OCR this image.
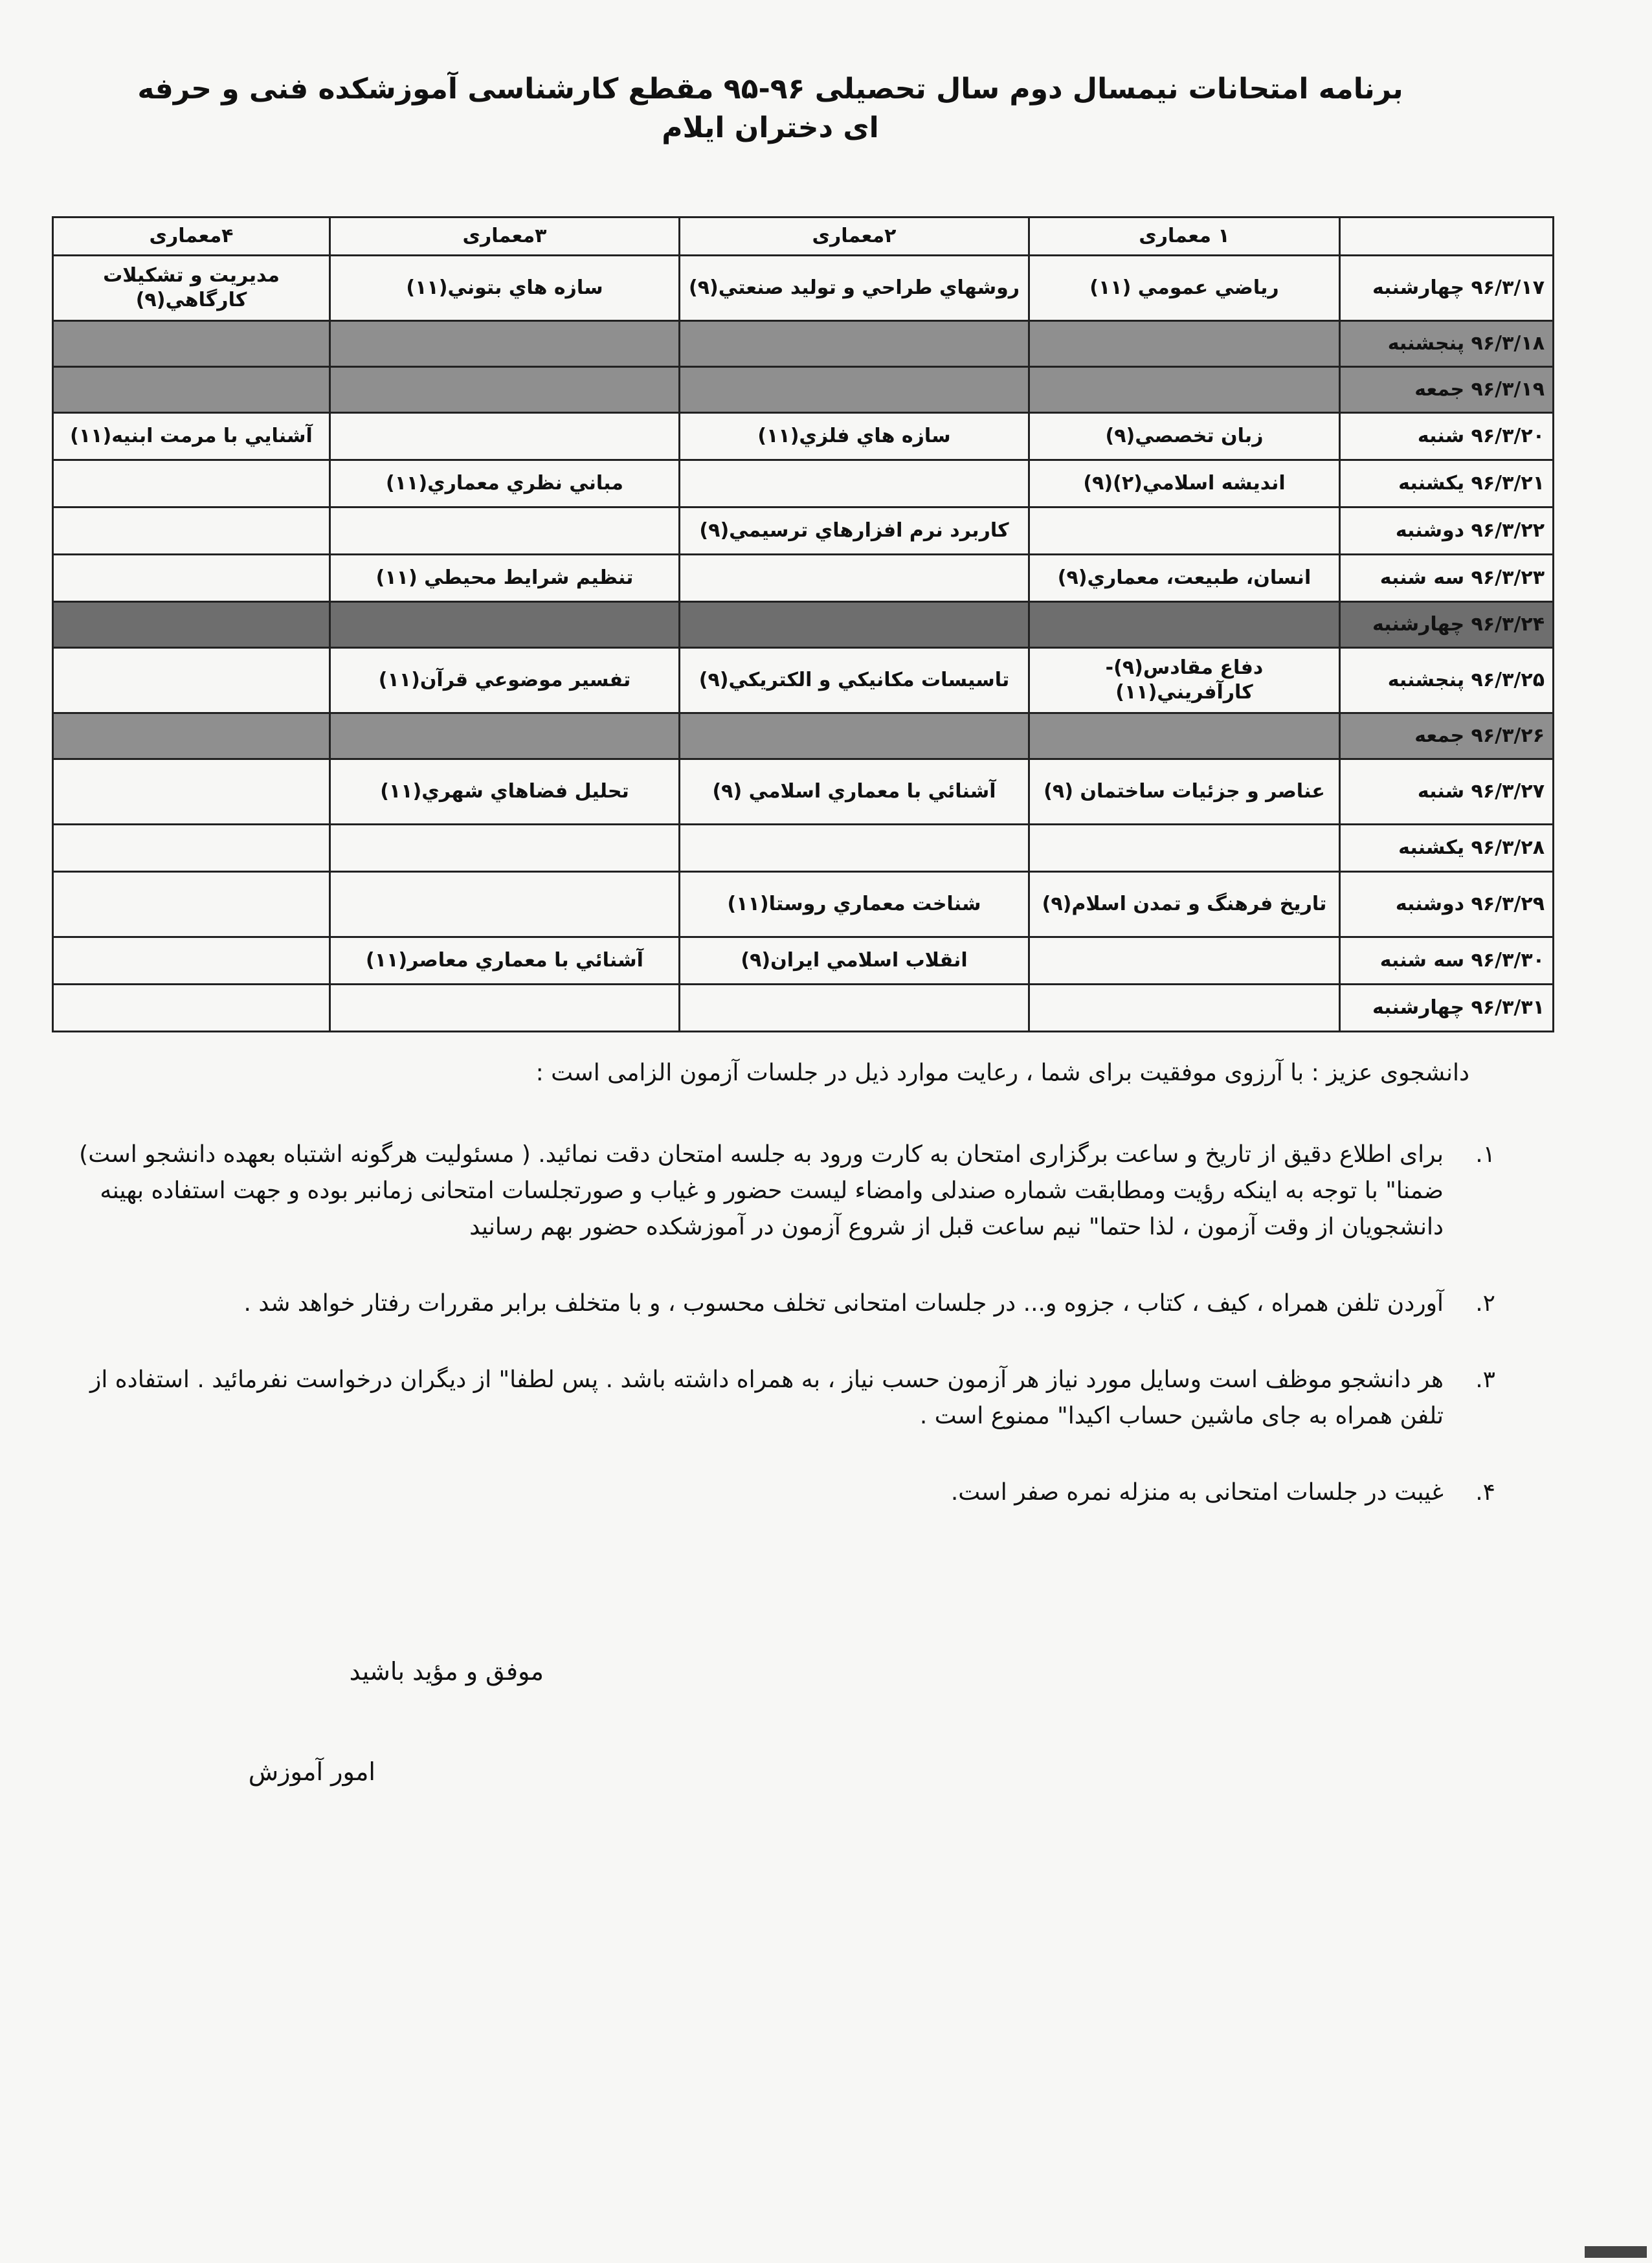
برنامه امتحانات نیمسال دوم سال تحصیلی ۹۶-۹۵ مقطع کارشناسی آموزشکده فنی و حرفه ای دختران ایلام
	۱ معماری	۲معماری	۳معماری	۴معماری
۹۶/۳/۱۷ چهارشنبه	رياضي عمومي (۱۱)	روشهاي طراحي و توليد صنعتي(۹)	سازه هاي بتوني(۱۱)	مديريت و تشكيلات كارگاهي(۹)
۹۶/۳/۱۸ پنجشنبه				
۹۶/۳/۱۹ جمعه				
۹۶/۳/۲۰ شنبه	زبان تخصصي(۹)	سازه هاي فلزي(۱۱)		آشنايي با مرمت ابنيه(۱۱)
۹۶/۳/۲۱ يكشنبه	انديشه اسلامي(۲)(۹)		مباني نظري معماري(۱۱)	
۹۶/۳/۲۲ دوشنبه		كاربرد نرم افزارهاي ترسيمي(۹)		
۹۶/۳/۲۳ سه شنبه	انسان، طبيعت، معماري(۹)		تنظيم شرايط محيطي (۱۱)	
۹۶/۳/۲۴ چهارشنبه				
۹۶/۳/۲۵ پنجشنبه	دفاع مقادس(۹)- كارآفريني(۱۱)	تاسيسات مكانيكي و الكتريكي(۹)	تفسير موضوعي قرآن(۱۱)	
۹۶/۳/۲۶ جمعه				
۹۶/۳/۲۷ شنبه	عناصر و جزئيات ساختمان (۹)	آشنائي با معماري اسلامي (۹)	تحليل فضاهاي شهري(۱۱)	
۹۶/۳/۲۸ يكشنبه				
۹۶/۳/۲۹ دوشنبه	تاريخ فرهنگ و تمدن اسلام(۹)	شناخت معماري روستا(۱۱)		
۹۶/۳/۳۰ سه شنبه		انقلاب اسلامي ايران(۹)	آشنائي با معماري معاصر(۱۱)	
۹۶/۳/۳۱ چهارشنبه				

دانشجوی عزیز : با آرزوی موفقیت برای شما ، رعایت موارد ذیل در جلسات آزمون الزامی است :

۱.
برای اطلاع دقیق از تاریخ و ساعت برگزاری امتحان به کارت ورود به جلسه امتحان دقت نمائید. ( مسئولیت هرگونه اشتباه بعهده دانشجو است) ضمنا" با توجه به اینکه رؤیت ومطابقت شماره صندلی وامضاء لیست حضور و غیاب و صورتجلسات امتحانی زمانبر بوده و جهت استفاده بهینه دانشجویان از وقت آزمون ، لذا حتما" نیم ساعت قبل از شروع آزمون در آموزشکده حضور بهم رسانید
۲.
آوردن تلفن همراه ، کیف ، کتاب ، جزوه و... در جلسات امتحانی تخلف محسوب ، و با متخلف برابر مقررات رفتار خواهد شد .
۳.
هر دانشجو موظف است وسایل مورد نیاز هر آزمون حسب نیاز ، به همراه داشته باشد . پس لطفا" از دیگران درخواست نفرمائید . استفاده از تلفن همراه به جای ماشین حساب اکیدا" ممنوع است .
۴.
غیبت در جلسات امتحانی به منزله نمره صفر است.
موفق و مؤید باشید
امور آموزش
